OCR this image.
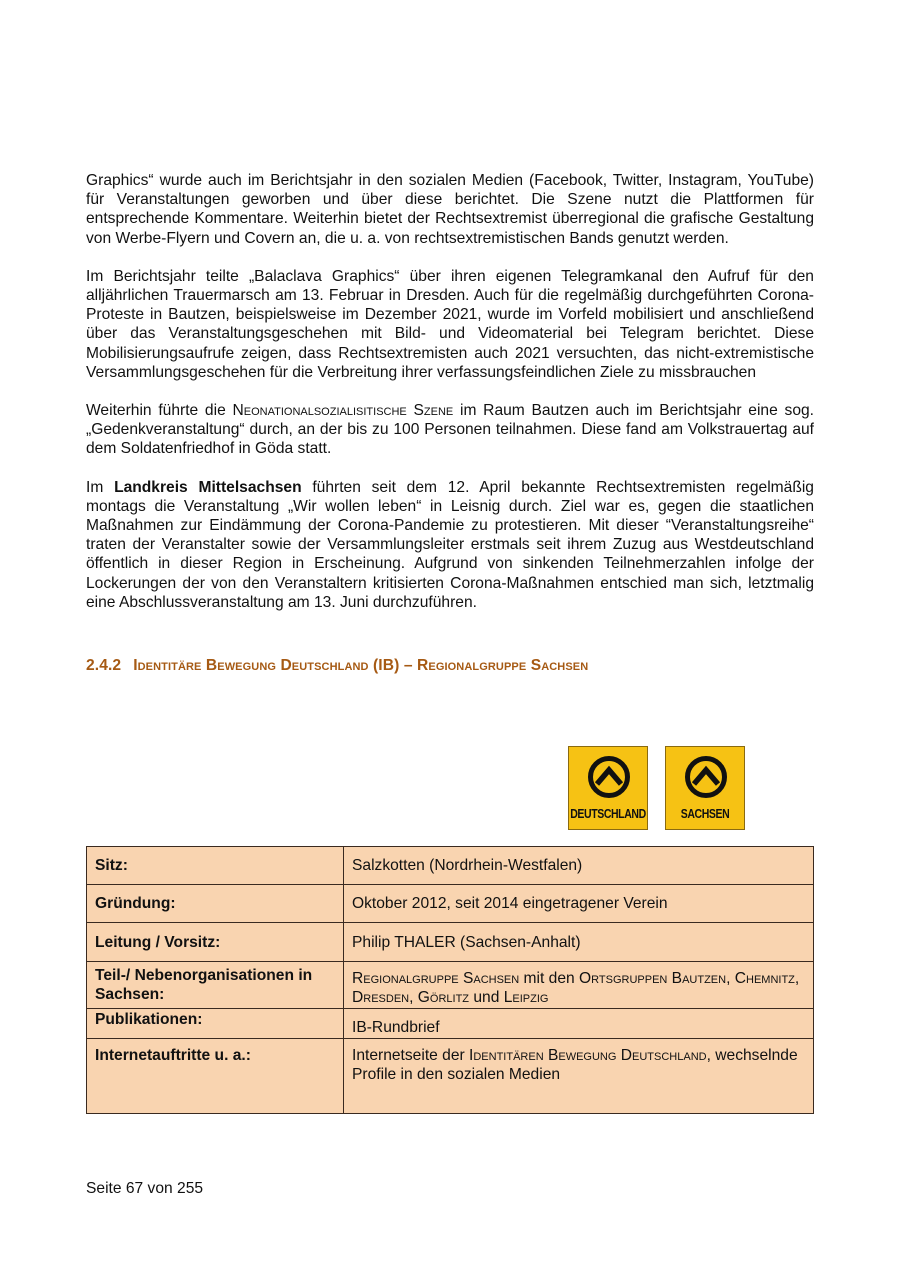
Graphics“ wurde auch im Berichtsjahr in den sozialen Medien (Facebook, Twitter, Instagram, YouTube) für Veranstaltungen geworben und über diese berichtet. Die Szene nutzt die Plattformen für entsprechende Kommentare. Weiterhin bietet der Rechtsextremist überregional die grafische Gestaltung von Werbe-Flyern und Covern an, die u. a. von rechtsextremistischen Bands genutzt werden.

Im Berichtsjahr teilte „Balaclava Graphics“ über ihren eigenen Telegramkanal den Aufruf für den alljährlichen Trauermarsch am 13. Februar in Dresden. Auch für die regelmäßig durchgeführten Corona-Proteste in Bautzen, beispielsweise im Dezember 2021, wurde im Vorfeld mobilisiert und anschließend über das Veranstaltungsgeschehen mit Bild- und Videomaterial bei Telegram berichtet. Diese Mobilisierungsaufrufe zeigen, dass Rechtsextremisten auch 2021 versuchten, das nicht-extremistische Versammlungsgeschehen für die Verbreitung ihrer verfassungsfeindlichen Ziele zu missbrauchen

Weiterhin führte die Neonationalsozialisitische Szene im Raum Bautzen auch im Berichtsjahr eine sog. „Gedenkveranstaltung“ durch, an der bis zu 100 Personen teilnahmen. Diese fand am Volkstrauertag auf dem Soldatenfriedhof in Göda statt.

Im Landkreis Mittelsachsen führten seit dem 12. April bekannte Rechtsextremisten regelmäßig montags die Veranstaltung „Wir wollen leben“ in Leisnig durch. Ziel war es, gegen die staatlichen Maßnahmen zur Eindämmung der Corona-Pandemie zu protestieren. Mit dieser “Veranstaltungsreihe“ traten der Veranstalter sowie der Versammlungsleiter erstmals seit ihrem Zuzug aus Westdeutschland öffentlich in dieser Region in Erscheinung. Aufgrund von sinkenden Teilnehmerzahlen infolge der Lockerungen der von den Veranstaltern kritisierten Corona-Maßnahmen entschied man sich, letztmalig eine Abschlussveranstaltung am 13. Juni durchzuführen.

2.4.2 Identitäre Bewegung Deutschland (IB) – Regionalgruppe Sachsen
DEUTSCHLAND	SACHSEN
Sitz:	Salzkotten (Nordrhein-Westfalen)
Gründung:	Oktober 2012, seit 2014 eingetragener Verein
Leitung / Vorsitz:	Philip THALER (Sachsen-Anhalt)
Teil-/ Nebenorganisationen in Sachsen:	Regionalgruppe Sachsen mit den Ortsgruppen Bautzen, Chemnitz, Dresden, Görlitz und Leipzig
Publikationen:	IB-Rundbrief
Internetauftritte u. a.:	Internetseite der Identitären Bewegung Deutschland, wechselnde Profile in den sozialen Medien
Seite 67 von 255
